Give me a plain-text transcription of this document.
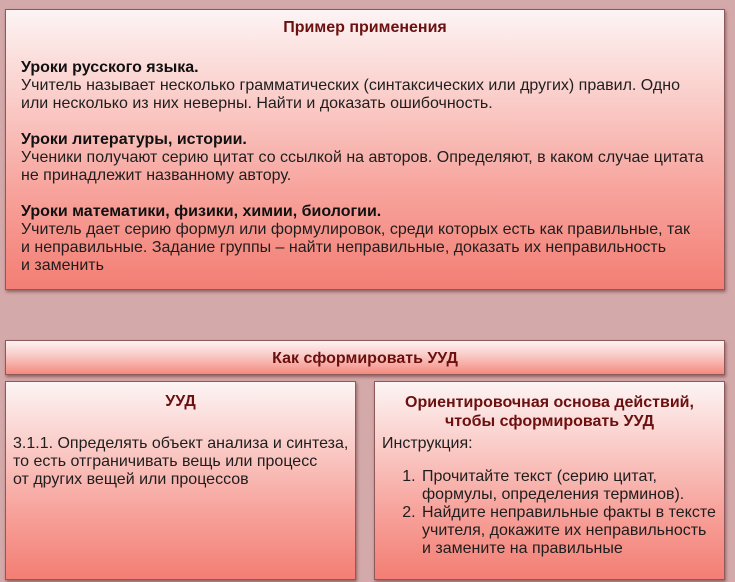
Пример применения
Уроки русского языка.
Учитель называет несколько грамматических (синтаксических или других) правил. Одно
или несколько из них неверны. Найти и доказать ошибочность.
Уроки литературы, истории.
Ученики получают серию цитат со ссылкой на авторов. Определяют, в каком случае цитата
не принадлежит названному автору.
Уроки математики, физики, химии, биологии.
Учитель дает серию формул или формулировок, среди которых есть как правильные, так
и неправильные. Задание группы – найти неправильные, доказать их неправильность
и заменить
Как сформировать УУД
УУД
3.1.1. Определять объект анализа и синтеза,
то есть отграничивать вещь или процесс
от других вещей или процессов
Ориентировочная основа действий,
чтобы сформировать УУД
Инструкция:
1. Прочитайте текст (серию цитат,
формулы, определения терминов).
2. Найдите неправильные факты в тексте
учителя, докажите их неправильность
и замените на правильные
